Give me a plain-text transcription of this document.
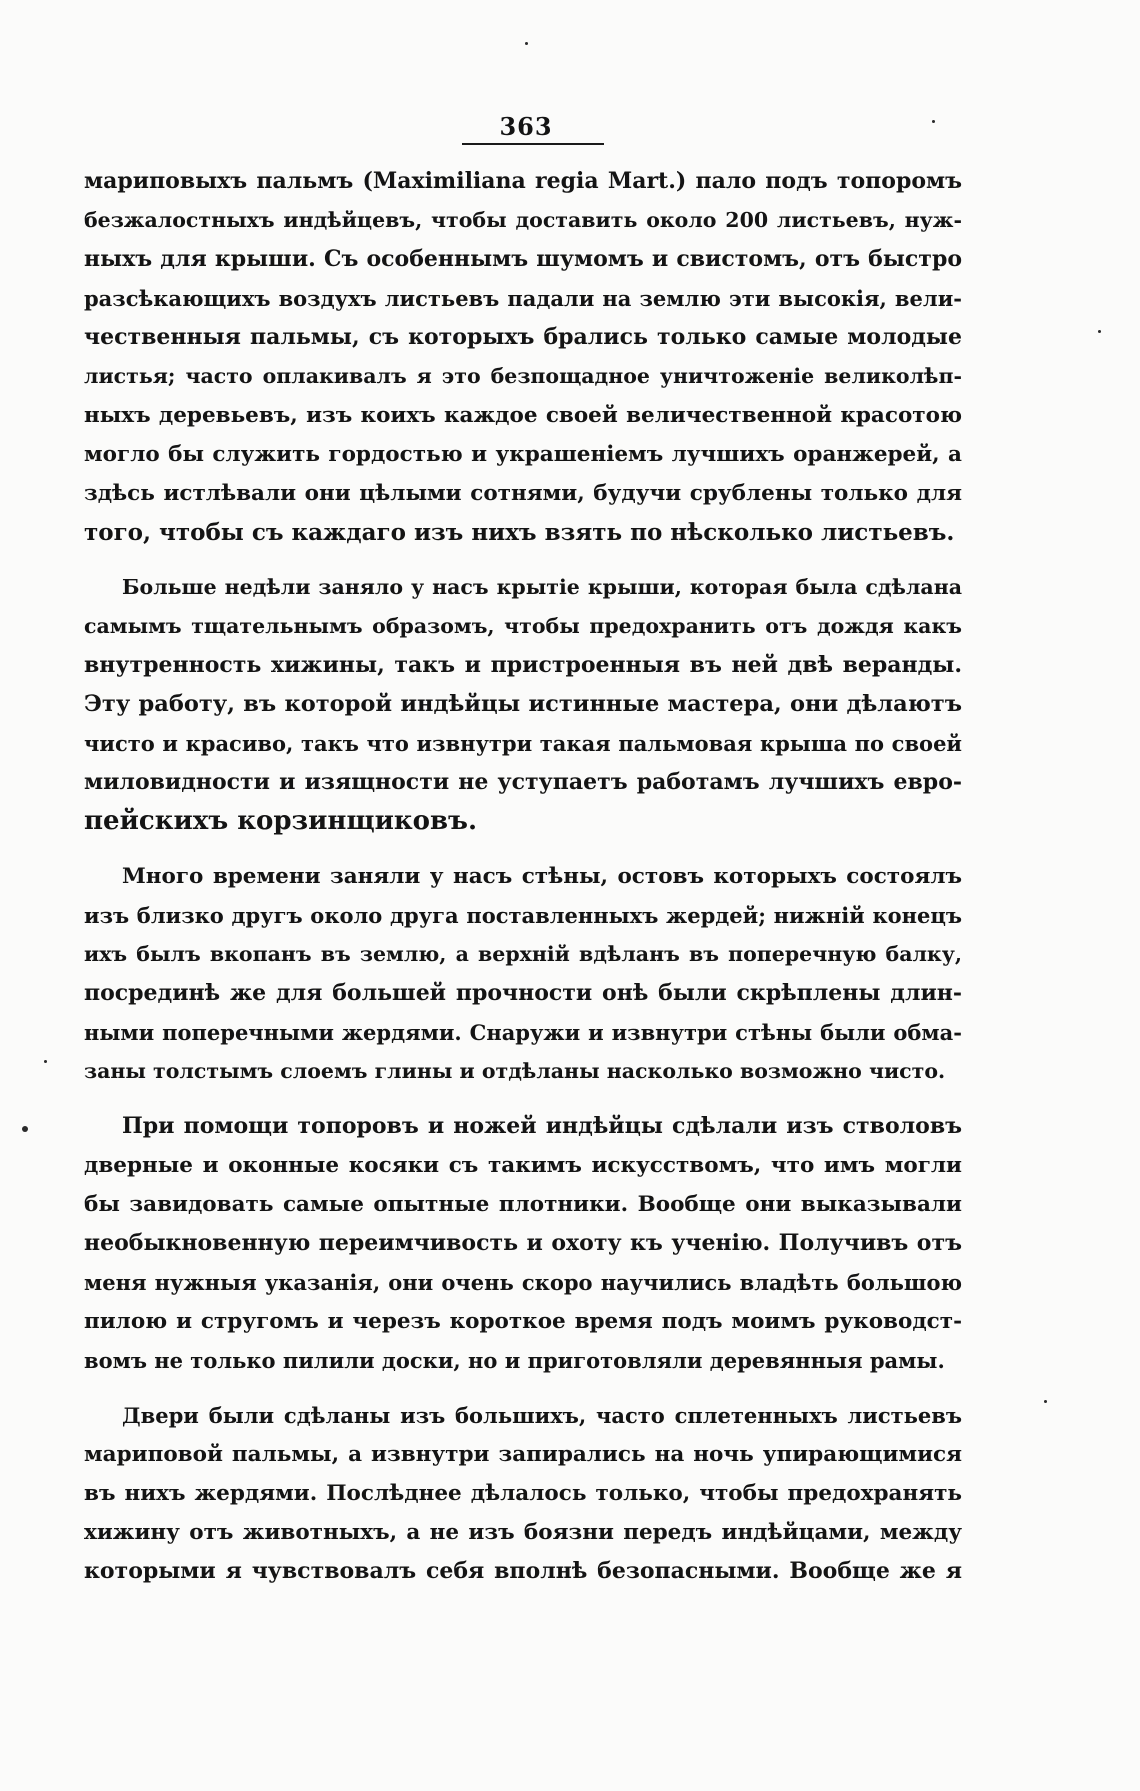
363
мариповыхъ пальмъ (Maximiliana regia Mart.) пало подъ топоромъ
безжалостныхъ индѣйцевъ, чтобы доставить около 200 листьевъ, нуж-
ныхъ для крыши. Съ особеннымъ шумомъ и свистомъ, отъ быстро
разсѣкающихъ воздухъ листьевъ падали на землю эти высокія, вели-
чественныя пальмы, съ которыхъ брались только самые молодые
листья; часто оплакивалъ я это безпощадное уничтоженіе великолѣп-
ныхъ деревьевъ, изъ коихъ каждое своей величественной красотою
могло бы служить гордостью и украшеніемъ лучшихъ оранжерей, а
здѣсь истлѣвали они цѣлыми сотнями, будучи срублены только для
того, чтобы съ каждаго изъ нихъ взять по нѣсколько листьевъ.
Больше недѣли заняло у насъ крытіе крыши, которая была сдѣлана
самымъ тщательнымъ образомъ, чтобы предохранить отъ дождя какъ
внутренность хижины, такъ и пристроенныя въ ней двѣ веранды.
Эту работу, въ которой индѣйцы истинные мастера, они дѣлаютъ
чисто и красиво, такъ что извнутри такая пальмовая крыша по своей
миловидности и изящности не уступаетъ работамъ лучшихъ евро-
пейскихъ корзинщиковъ.
Много времени заняли у насъ стѣны, остовъ которыхъ состоялъ
изъ близко другъ около друга поставленныхъ жердей; нижній конецъ
ихъ былъ вкопанъ въ землю, а верхній вдѣланъ въ поперечную балку,
посрединѣ же для большей прочности онѣ были скрѣплены длин-
ными поперечными жердями. Снаружи и извнутри стѣны были обма-
заны толстымъ слоемъ глины и отдѣланы насколько возможно чисто.
При помощи топоровъ и ножей индѣйцы сдѣлали изъ стволовъ
дверные и оконные косяки съ такимъ искусствомъ, что имъ могли
бы завидовать самые опытные плотники. Вообще они выказывали
необыкновенную переимчивость и охоту къ ученію. Получивъ отъ
меня нужныя указанія, они очень скоро научились владѣть большою
пилою и стругомъ и черезъ короткое время подъ моимъ руководст-
вомъ не только пилили доски, но и приготовляли деревянныя рамы.
Двери были сдѣланы изъ большихъ, часто сплетенныхъ листьевъ
мариповой пальмы, а извнутри запирались на ночь упирающимися
въ нихъ жердями. Послѣднее дѣлалось только, чтобы предохранять
хижину отъ животныхъ, а не изъ боязни передъ индѣйцами, между
которыми я чувствовалъ себя вполнѣ безопасными. Вообще же я
